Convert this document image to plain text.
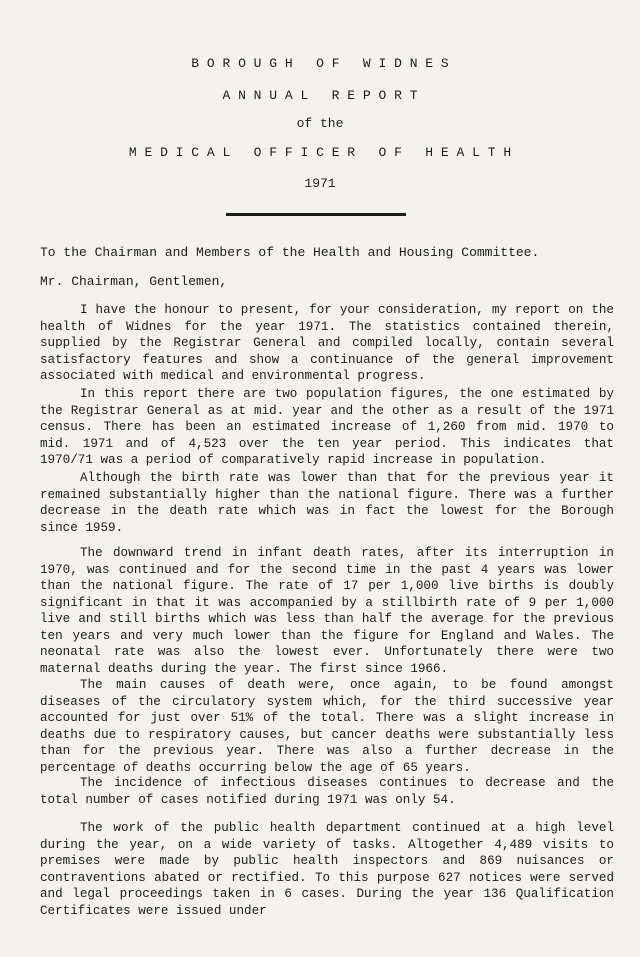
B O R O U G H   O F   W I D N E S
A N N U A L   R E P O R T
of the
M E D I C A L   O F F I C E R   O F   H E A L T H
1971
To the Chairman and Members of the Health and Housing Committee.
Mr. Chairman, Gentlemen,
I have the honour to present, for your consideration, my report on the health of Widnes for the year 1971. The statistics contained therein, supplied by the Registrar General and compiled locally, contain several satisfactory features and show a continuance of the general improvement associated with medical and environmental progress.
In this report there are two population figures, the one estimated by the Registrar General as at mid. year and the other as a result of the 1971 census. There has been an estimated increase of 1,260 from mid. 1970 to mid. 1971 and of 4,523 over the ten year period. This indicates that 1970/71 was a period of comparatively rapid increase in population.
Although the birth rate was lower than that for the previous year it remained substantially higher than the national figure. There was a further decrease in the death rate which was in fact the lowest for the Borough since 1959.
The downward trend in infant death rates, after its interruption in 1970, was continued and for the second time in the past 4 years was lower than the national figure. The rate of 17 per 1,000 live births is doubly significant in that it was accompanied by a stillbirth rate of 9 per 1,000 live and still births which was less than half the average for the previous ten years and very much lower than the figure for England and Wales. The neonatal rate was also the lowest ever. Unfortunately there were two maternal deaths during the year. The first since 1966.
The main causes of death were, once again, to be found amongst diseases of the circulatory system which, for the third successive year accounted for just over 51% of the total. There was a slight increase in deaths due to respiratory causes, but cancer deaths were substantially less than for the previous year. There was also a further decrease in the percentage of deaths occurring below the age of 65 years.
The incidence of infectious diseases continues to decrease and the total number of cases notified during 1971 was only 54.
The work of the public health department continued at a high level during the year, on a wide variety of tasks. Altogether 4,489 visits to premises were made by public health inspectors and 869 nuisances or contraventions abated or rectified. To this purpose 627 notices were served and legal proceedings taken in 6 cases. During the year 136 Qualification Certificates were issued under
